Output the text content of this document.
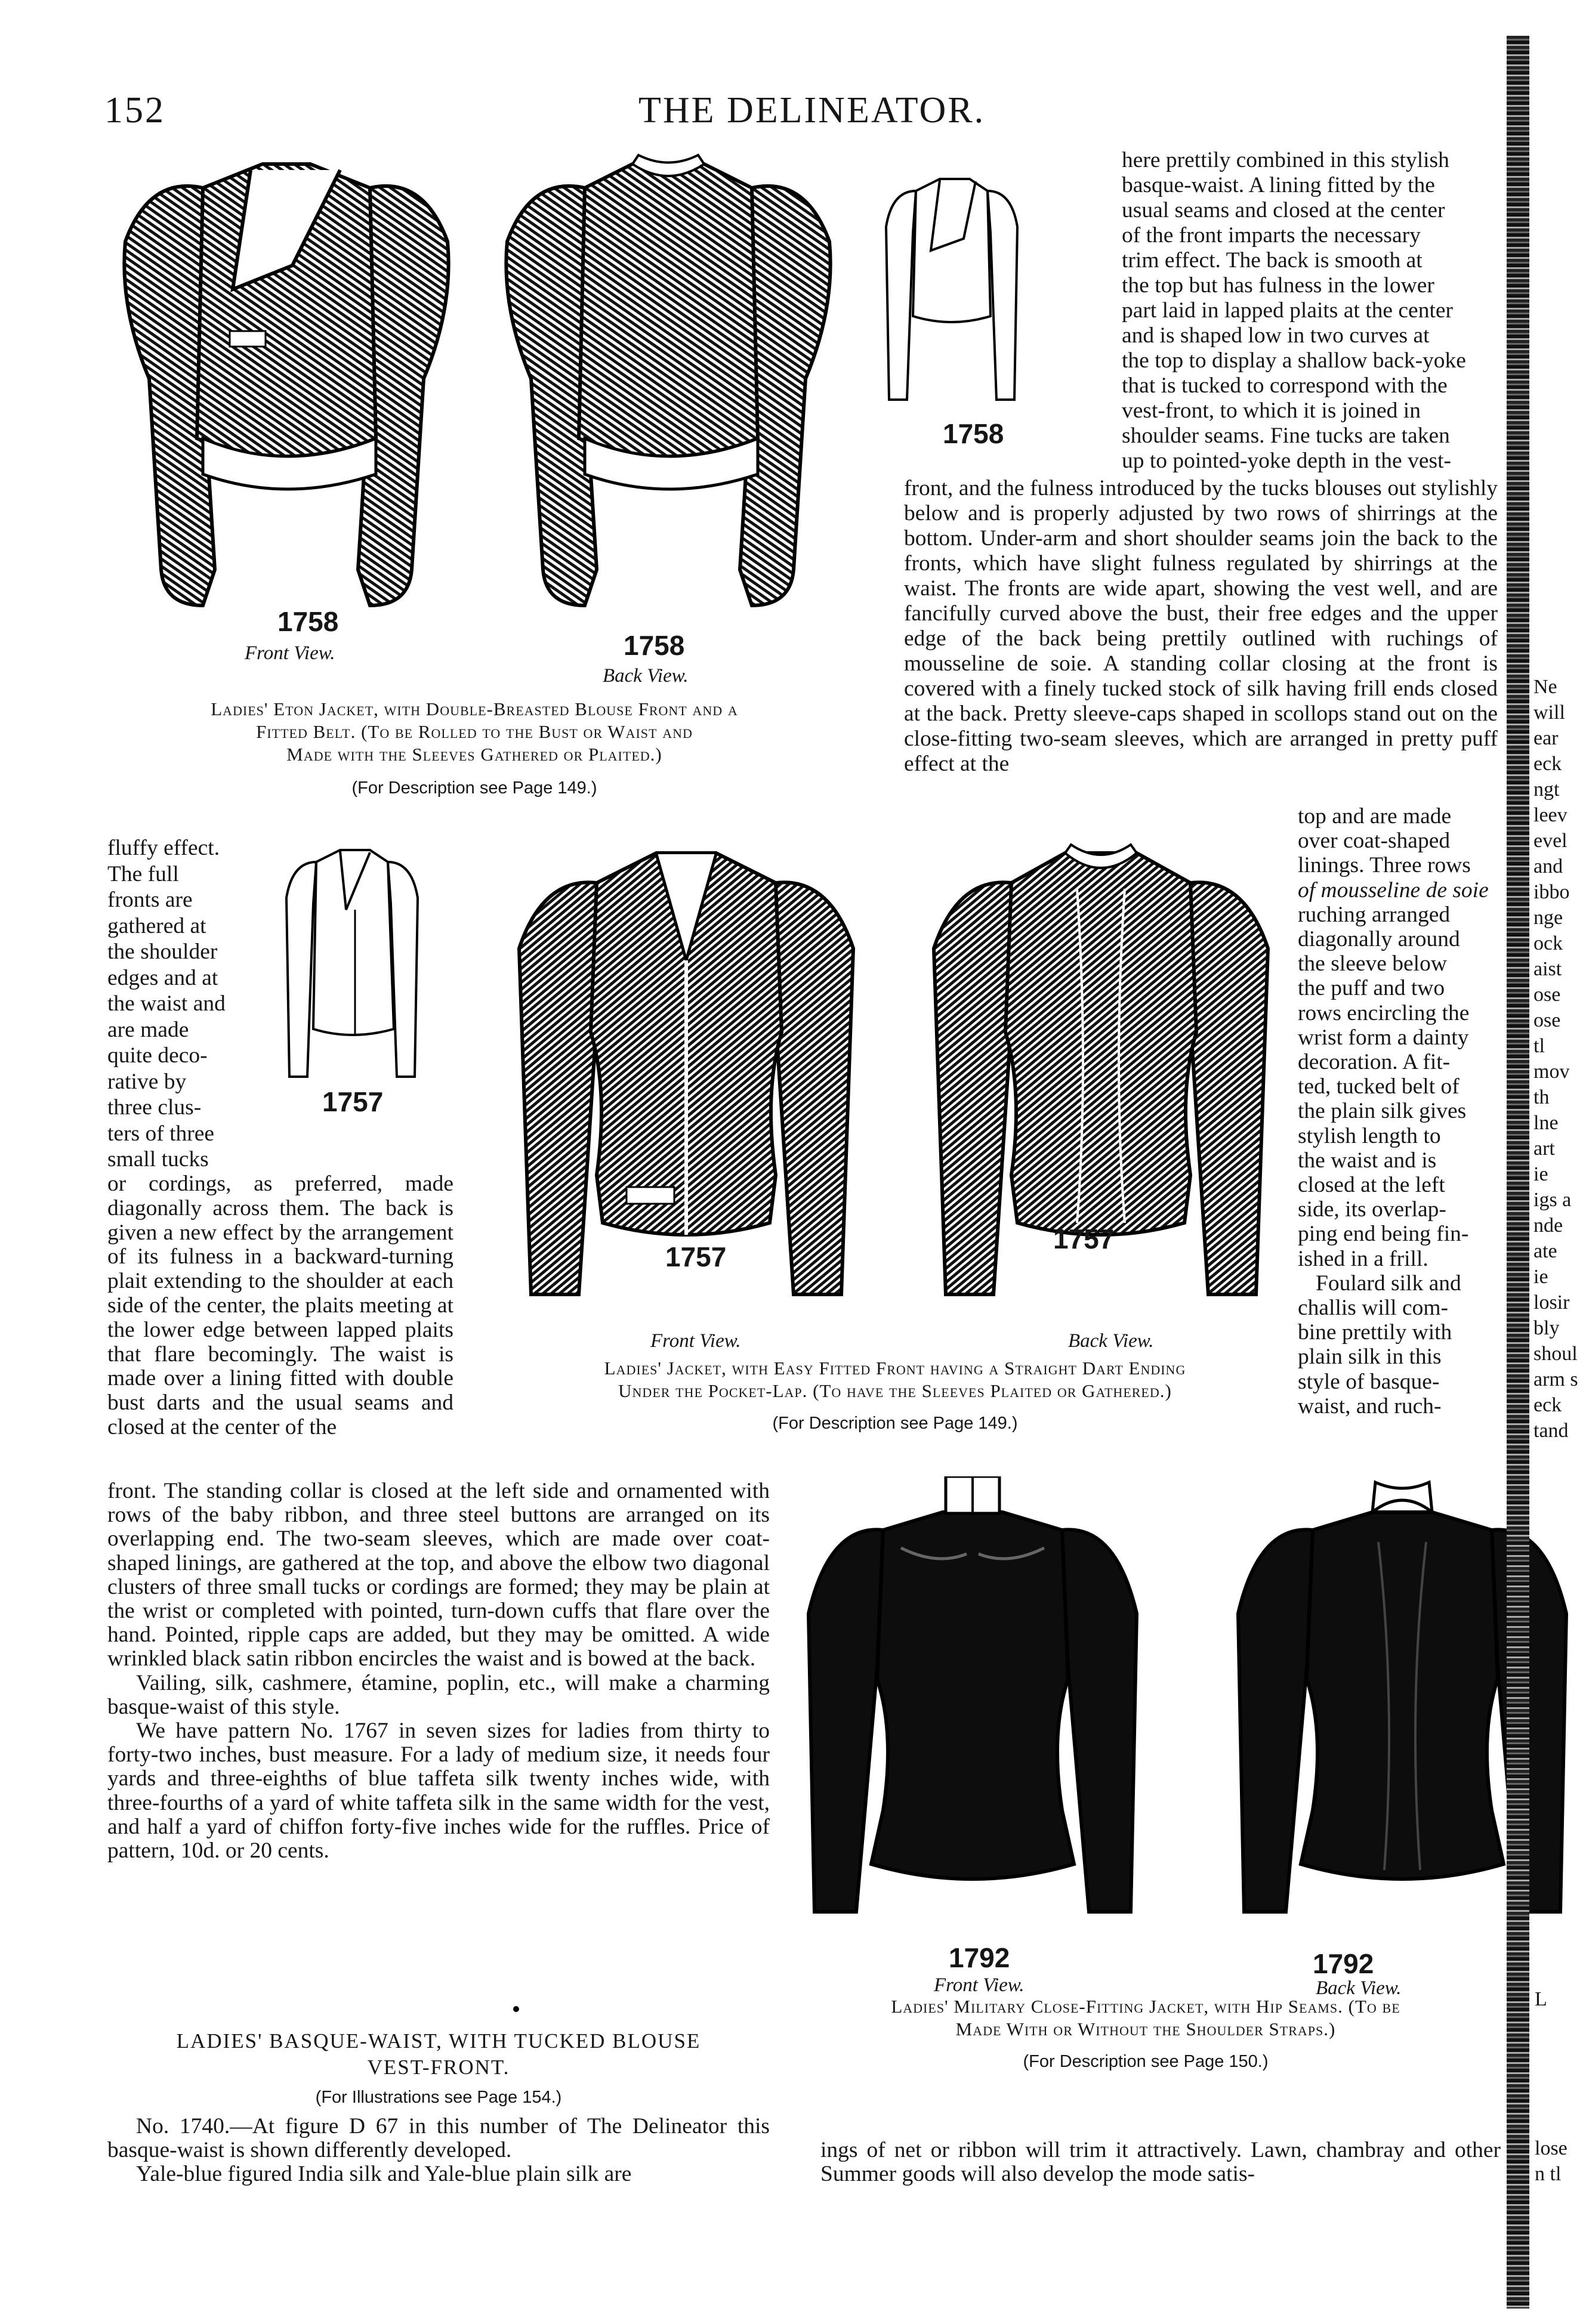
152	THE DELINEATOR.
1758
Front View.	1758
Back View.
1758
Ladies' Eton Jacket, with Double-Breasted Blouse Front and a
Fitted Belt. (To be Rolled to the Bust or Waist and
Made with the Sleeves Gathered or Plaited.)
(For Description see Page 149.)
here prettily combined in this stylish
basque-waist. A lining fitted by the
usual seams and closed at the center
of the front imparts the necessary
trim effect. The back is smooth at
the top but has fulness in the lower
part laid in lapped plaits at the center
and is shaped low in two curves at
the top to display a shallow back-yoke
that is tucked to correspond with the
vest-front, to which it is joined in
shoulder seams. Fine tucks are taken
up to pointed-yoke depth in the vest-

front, and the fulness introduced by the tucks blouses out stylishly below and is properly adjusted by two rows of shirrings at the bottom. Under-arm and short shoulder seams join the back to the fronts, which have slight fulness regulated by shirrings at the waist. The fronts are wide apart, showing the vest well, and are fancifully curved above the bust, their free edges and the upper edge of the back being prettily outlined with ruchings of mousseline de soie. A standing collar closing at the front is covered with a finely tucked stock of silk having frill ends closed at the back. Pretty sleeve-caps shaped in scollops stand out on the close-fitting two-seam sleeves, which are arranged in pretty puff effect at the

1757
1757
Front View.
1757
Back View.
Ladies' Jacket, with Easy Fitted Front having a Straight Dart Ending
Under the Pocket-Lap. (To have the Sleeves Plaited or Gathered.)
(For Description see Page 149.)
top and are made
over coat-shaped
linings. Three rows
of mousseline de soie
ruching arranged
diagonally around
the sleeve below
the puff and two
rows encircling the
wrist form a dainty
decoration. A fit-
ted, tucked belt of
the plain silk gives
stylish length to
the waist and is
closed at the left
side, its overlap-
ping end being fin-
ished in a frill.
Foulard silk and
challis will com-
bine prettily with
plain silk in this
style of basque-
waist, and ruch-
fluffy effect.
The full
fronts are
gathered at
the shoulder
edges and at
the waist and
are made
quite deco-
rative by
three clus-
ters of three
small tucks

or cordings, as preferred, made diagonally across them. The back is given a new effect by the arrangement of its fulness in a backward-turning plait extending to the shoulder at each side of the center, the plaits meeting at the lower edge between lapped plaits that flare becomingly. The waist is made over a lining fitted with double bust darts and the usual seams and closed at the center of the

front. The standing collar is closed at the left side and ornamented with rows of the baby ribbon, and three steel buttons are arranged on its overlapping end. The two-seam sleeves, which are made over coat-shaped linings, are gathered at the top, and above the elbow two diagonal clusters of three small tucks or cordings are formed; they may be plain at the wrist or completed with pointed, turn-down cuffs that flare over the hand. Pointed, ripple caps are added, but they may be omitted. A wide wrinkled black satin ribbon encircles the waist and is bowed at the back.

Vailing, silk, cashmere, étamine, poplin, etc., will make a charming basque-waist of this style.

We have pattern No. 1767 in seven sizes for ladies from thirty to forty-two inches, bust measure. For a lady of medium size, it needs four yards and three-eighths of blue taffeta silk twenty inches wide, with three-fourths of a yard of white taffeta silk in the same width for the vest, and half a yard of chiffon forty-five inches wide for the ruffles. Price of pattern, 10d. or 20 cents.

1792
Front View.
1792
Back View.
Ladies' Military Close-Fitting Jacket, with Hip Seams. (To be
Made With or Without the Shoulder Straps.)
(For Description see Page 150.)
LADIES' BASQUE-WAIST, WITH TUCKED BLOUSE
VEST-FRONT.
(For Illustrations see Page 154.)

No. 1740.—At figure D 67 in this number of The Delineator this basque-waist is shown differently developed.

Yale-blue figured India silk and Yale-blue plain silk are

ings of net or ribbon will trim it attractively. Lawn, chambray and other Summer goods will also develop the mode satis-

Ne
will
ear
eck
ngt
leev
evel
and
ibbo
nge
ock
aist
ose
ose
tl
mov
th
lne
art
ie
igs a
nde
ate
ie
losir
bly
shoul
arm s
eck
tand
L
lose
n tl
